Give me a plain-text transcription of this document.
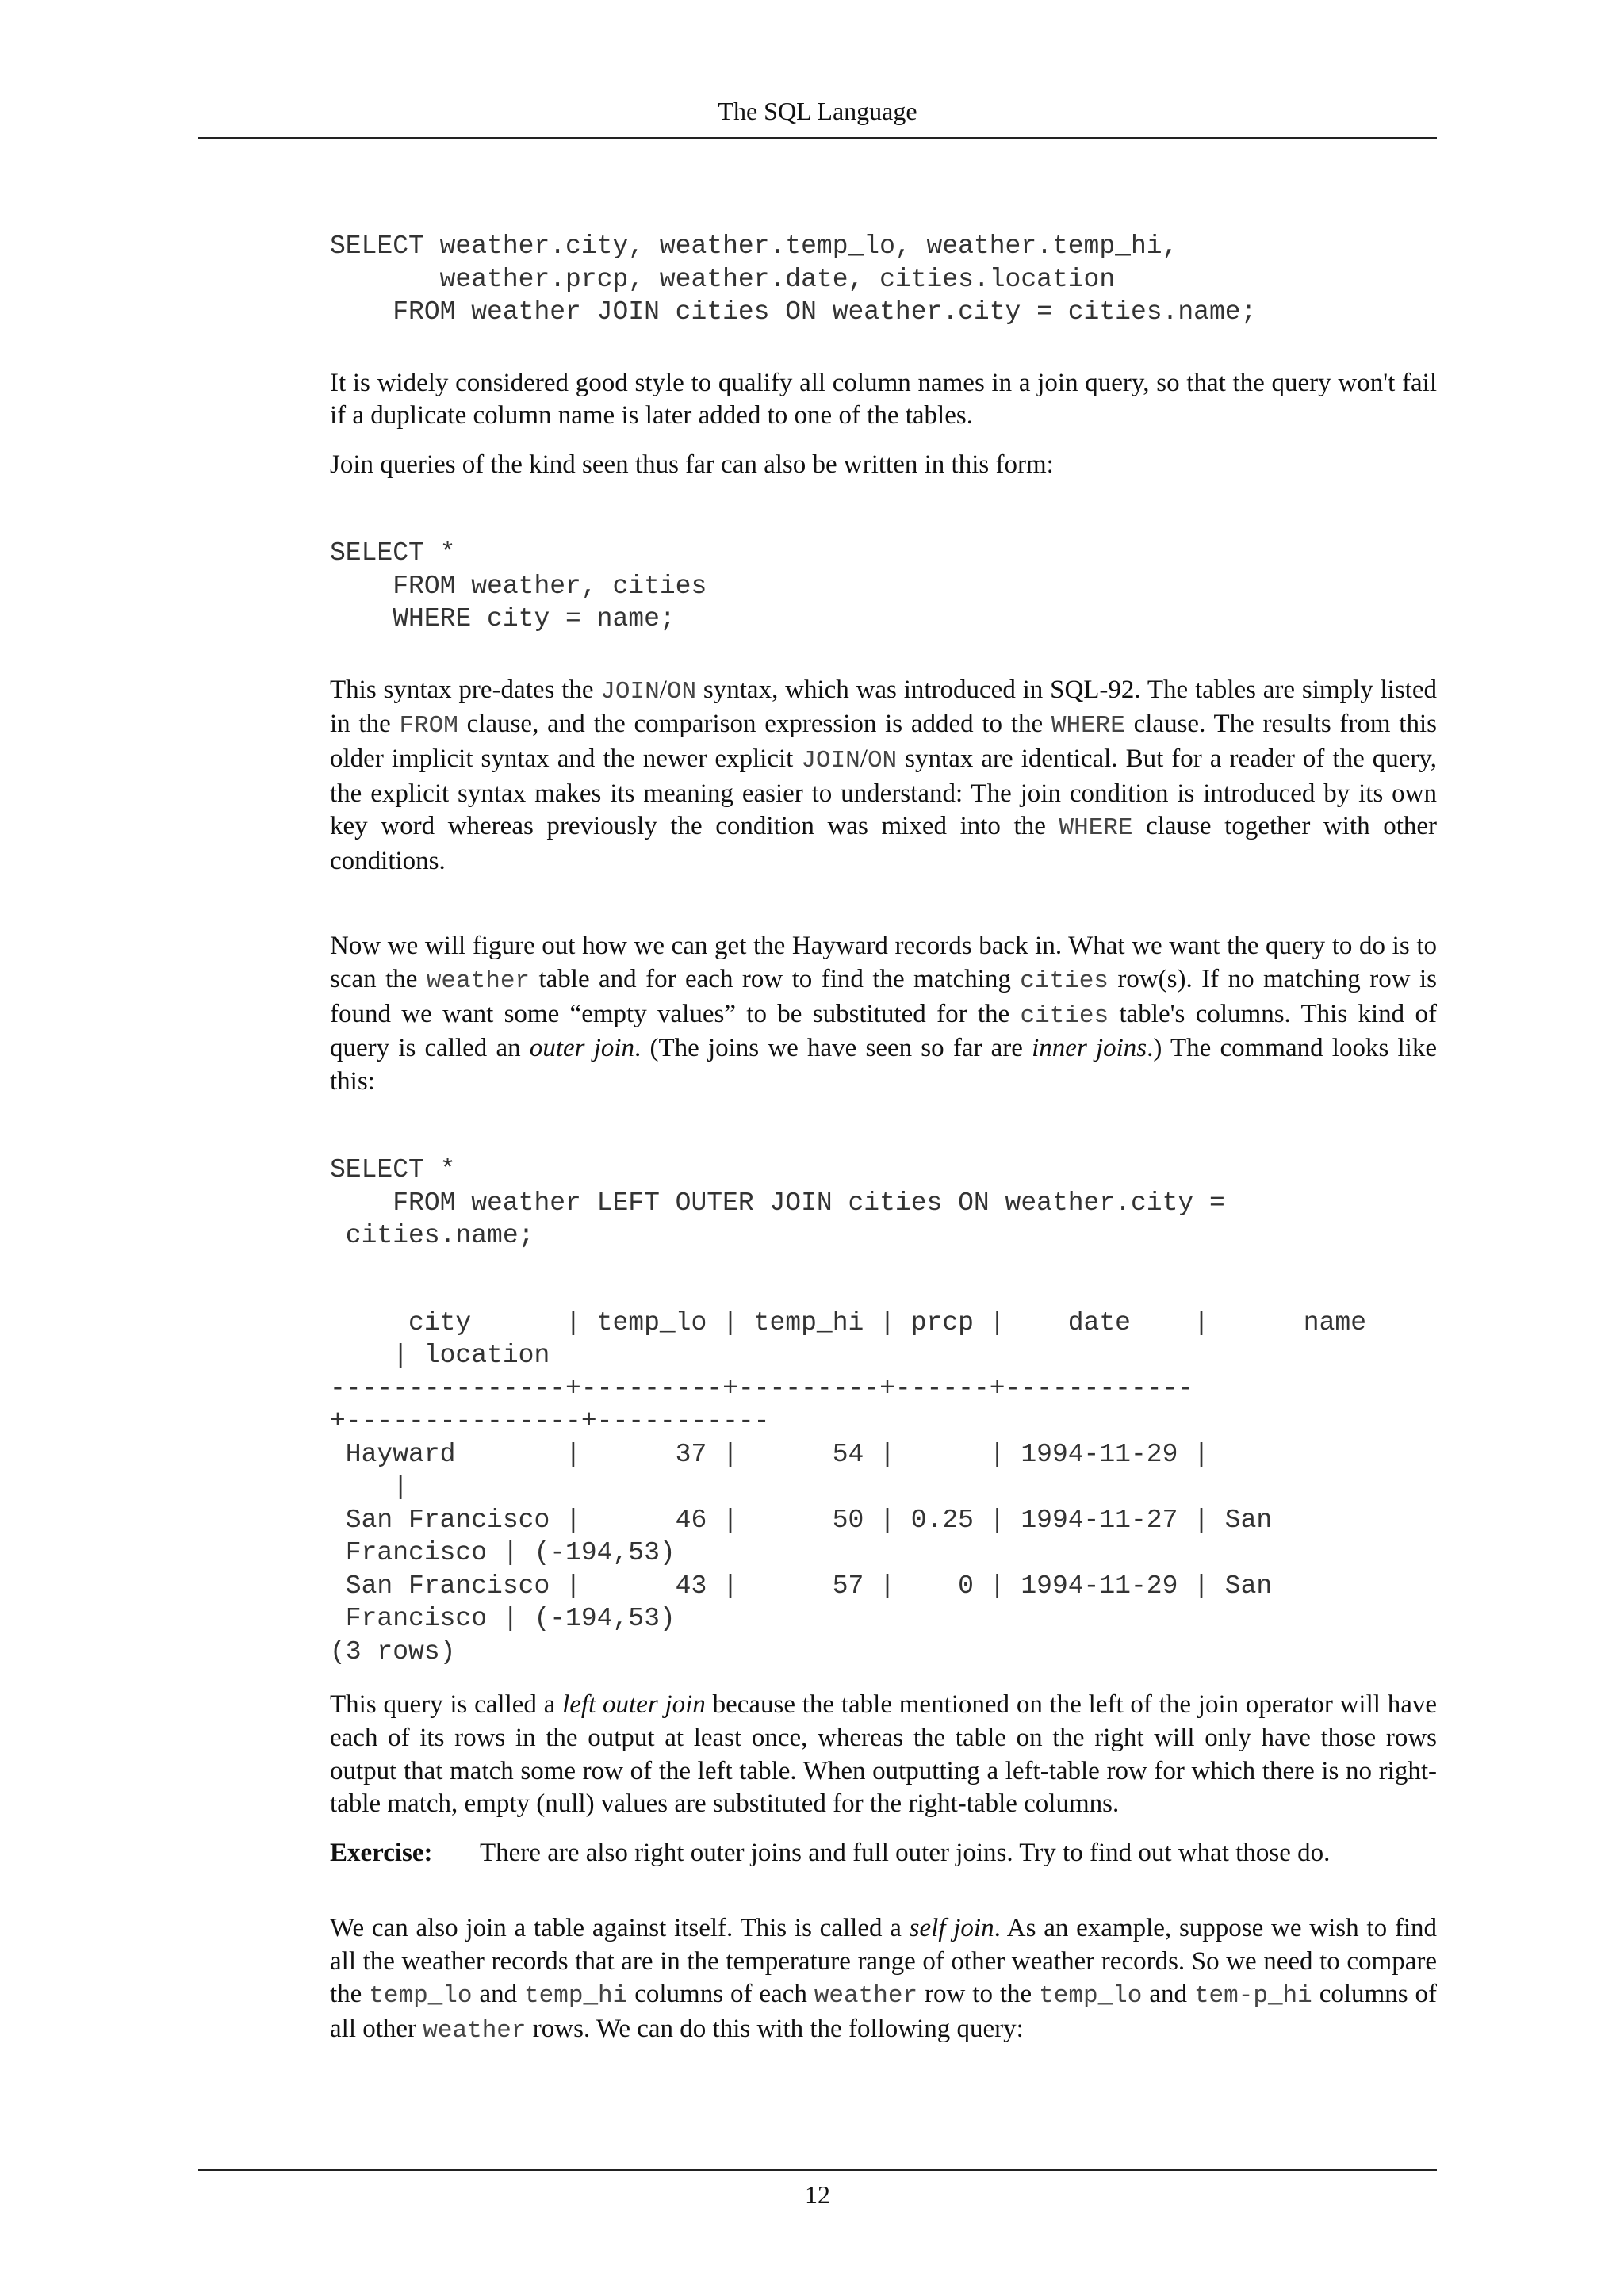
The SQL Language
SELECT weather.city, weather.temp_lo, weather.temp_hi,
weather.prcp, weather.date, cities.location
FROM weather JOIN cities ON weather.city = cities.name;

It is widely considered good style to qualify all column names in a join query, so that the query won't fail if a duplicate column name is later added to one of the tables.

Join queries of the kind seen thus far can also be written in this form:

SELECT *
FROM weather, cities
WHERE city = name;

This syntax pre-dates the JOIN/ON syntax, which was introduced in SQL-92. The tables are simply listed in the FROM clause, and the comparison expression is added to the WHERE clause. The results from this older implicit syntax and the newer explicit JOIN/ON syntax are identical. But for a reader of the query, the explicit syntax makes its meaning easier to understand: The join condition is introduced by its own key word whereas previously the condition was mixed into the WHERE clause together with other conditions.

Now we will figure out how we can get the Hayward records back in. What we want the query to do is to scan the weather table and for each row to find the matching cities row(s). If no matching row is found we want some “empty values” to be substituted for the cities table's columns. This kind of query is called an outer join. (The joins we have seen so far are inner joins.) The command looks like this:

SELECT *
FROM weather LEFT OUTER JOIN cities ON weather.city =
cities.name;
city      | temp_lo | temp_hi | prcp |    date    |      name
| location
---------------+---------+---------+------+------------
+---------------+-----------
Hayward       |      37 |      54 |      | 1994-11-29 |
|
San Francisco |      46 |      50 | 0.25 | 1994-11-27 | San
Francisco | (-194,53)
San Francisco |      43 |      57 |    0 | 1994-11-29 | San
Francisco | (-194,53)
(3 rows)

This query is called a left outer join because the table mentioned on the left of the join operator will have each of its rows in the output at least once, whereas the table on the right will only have those rows output that match some row of the left table. When outputting a left-table row for which there is no right-table match, empty (null) values are substituted for the right-table columns.

Exercise:	There are also right outer joins and full outer joins. Try to find out what those do.

We can also join a table against itself. This is called a self join. As an example, suppose we wish to find all the weather records that are in the temperature range of other weather records. So we need to compare the temp_lo and temp_hi columns of each weather row to the temp_lo and tem-p_hi columns of all other weather rows. We can do this with the following query:

12
